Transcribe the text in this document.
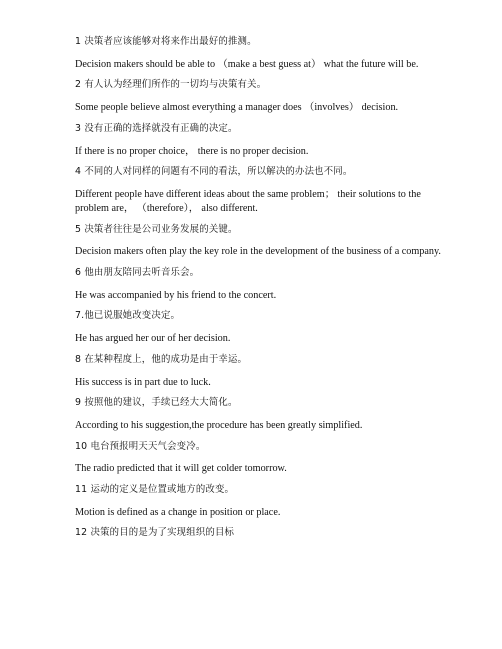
1 决策者应该能够对将来作出最好的推测。

Decision makers should be able to （make a best guess at） what the future will be.

2 有人认为经理们所作的一切均与决策有关。

Some people believe almost everything a manager does （involves） decision.

3 没有正确的选择就没有正确的决定。

If there is no proper choice， there is no proper decision.

4 不同的人对同样的问题有不同的看法，所以解决的办法也不同。

Different people have different ideas about the same problem； their solutions to the

problem are， （therefore）， also different.

5 决策者往往是公司业务发展的关键。

Decision makers often play the key role in the development of the business of a company.

6 他由朋友陪同去听音乐会。

He was accompanied by his friend to the concert.

7.他已说服她改变决定。

He has argued her our of her decision.

8 在某种程度上，他的成功是由于幸运。

His success is in part due to luck.

9 按照他的建议，手续已经大大简化。

According to his suggestion,the procedure has been greatly simplified.

10 电台预报明天天气会变冷。

The radio predicted that it will get colder tomorrow.

11 运动的定义是位置或地方的改变。

Motion is defined as a change in position or place.

12 决策的目的是为了实现组织的目标
